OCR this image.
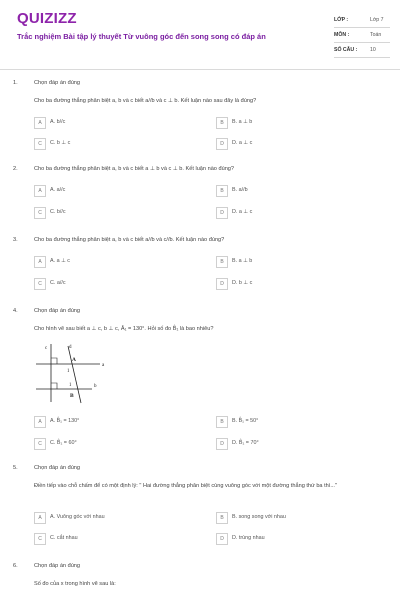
QUIZIZZ
Trắc nghiệm Bài tập lý thuyết Từ vuông góc đến song song có đáp án
LỚP :	Lớp 7
MÔN :	Toán
SỐ CÂU : 10
1.	Chọn đáp án đúng
Cho ba đường thẳng phân biệt a, b và c biết a//b và c ⊥ b. Kết luận nào sau đây là đúng?
A	A. b//c	B	B. a ⊥ b
C	C. b ⊥ c	D	D. a ⊥ c
2.	Cho ba đường thẳng phân biệt a, b và c biết a ⊥ b và c ⊥ b. Kết luận nào đúng?
A	A. a//c	B	B. a//b
C	C. b//c	D	D. a ⊥ c
3.	Cho ba đường thẳng phân biệt a, b và c biết a//b và c//b. Kết luận nào đúng?
A	A. a ⊥ c	B	B. a ⊥ b
C	C. a//c	D	D. b ⊥ c
4.	Chọn đáp án đúng
Cho hình vẽ sau biết a ⊥ c, b ⊥ c, Â₁ = 130°. Hỏi số đo B̂₁ là bao nhiêu?
c	d
A
1
a
1	b
B
A	A. B̂₁ = 130°	B	B. B̂₁ = 50°
C	C. B̂₁ = 60°	D	D. B̂₁ = 70°
5.	Chọn đáp án đúng
Điền tiếp vào chỗ chấm để có một định lý: " Hai đường thẳng phân biệt cùng vuông góc với một đường thẳng thứ ba thì..."
A	A. Vuông góc với nhau	B	B. song song với nhau
C	C. cắt nhau	D	D. trùng nhau
6.	Chọn đáp án đúng
Số đo của x trong hình vẽ sau là:
